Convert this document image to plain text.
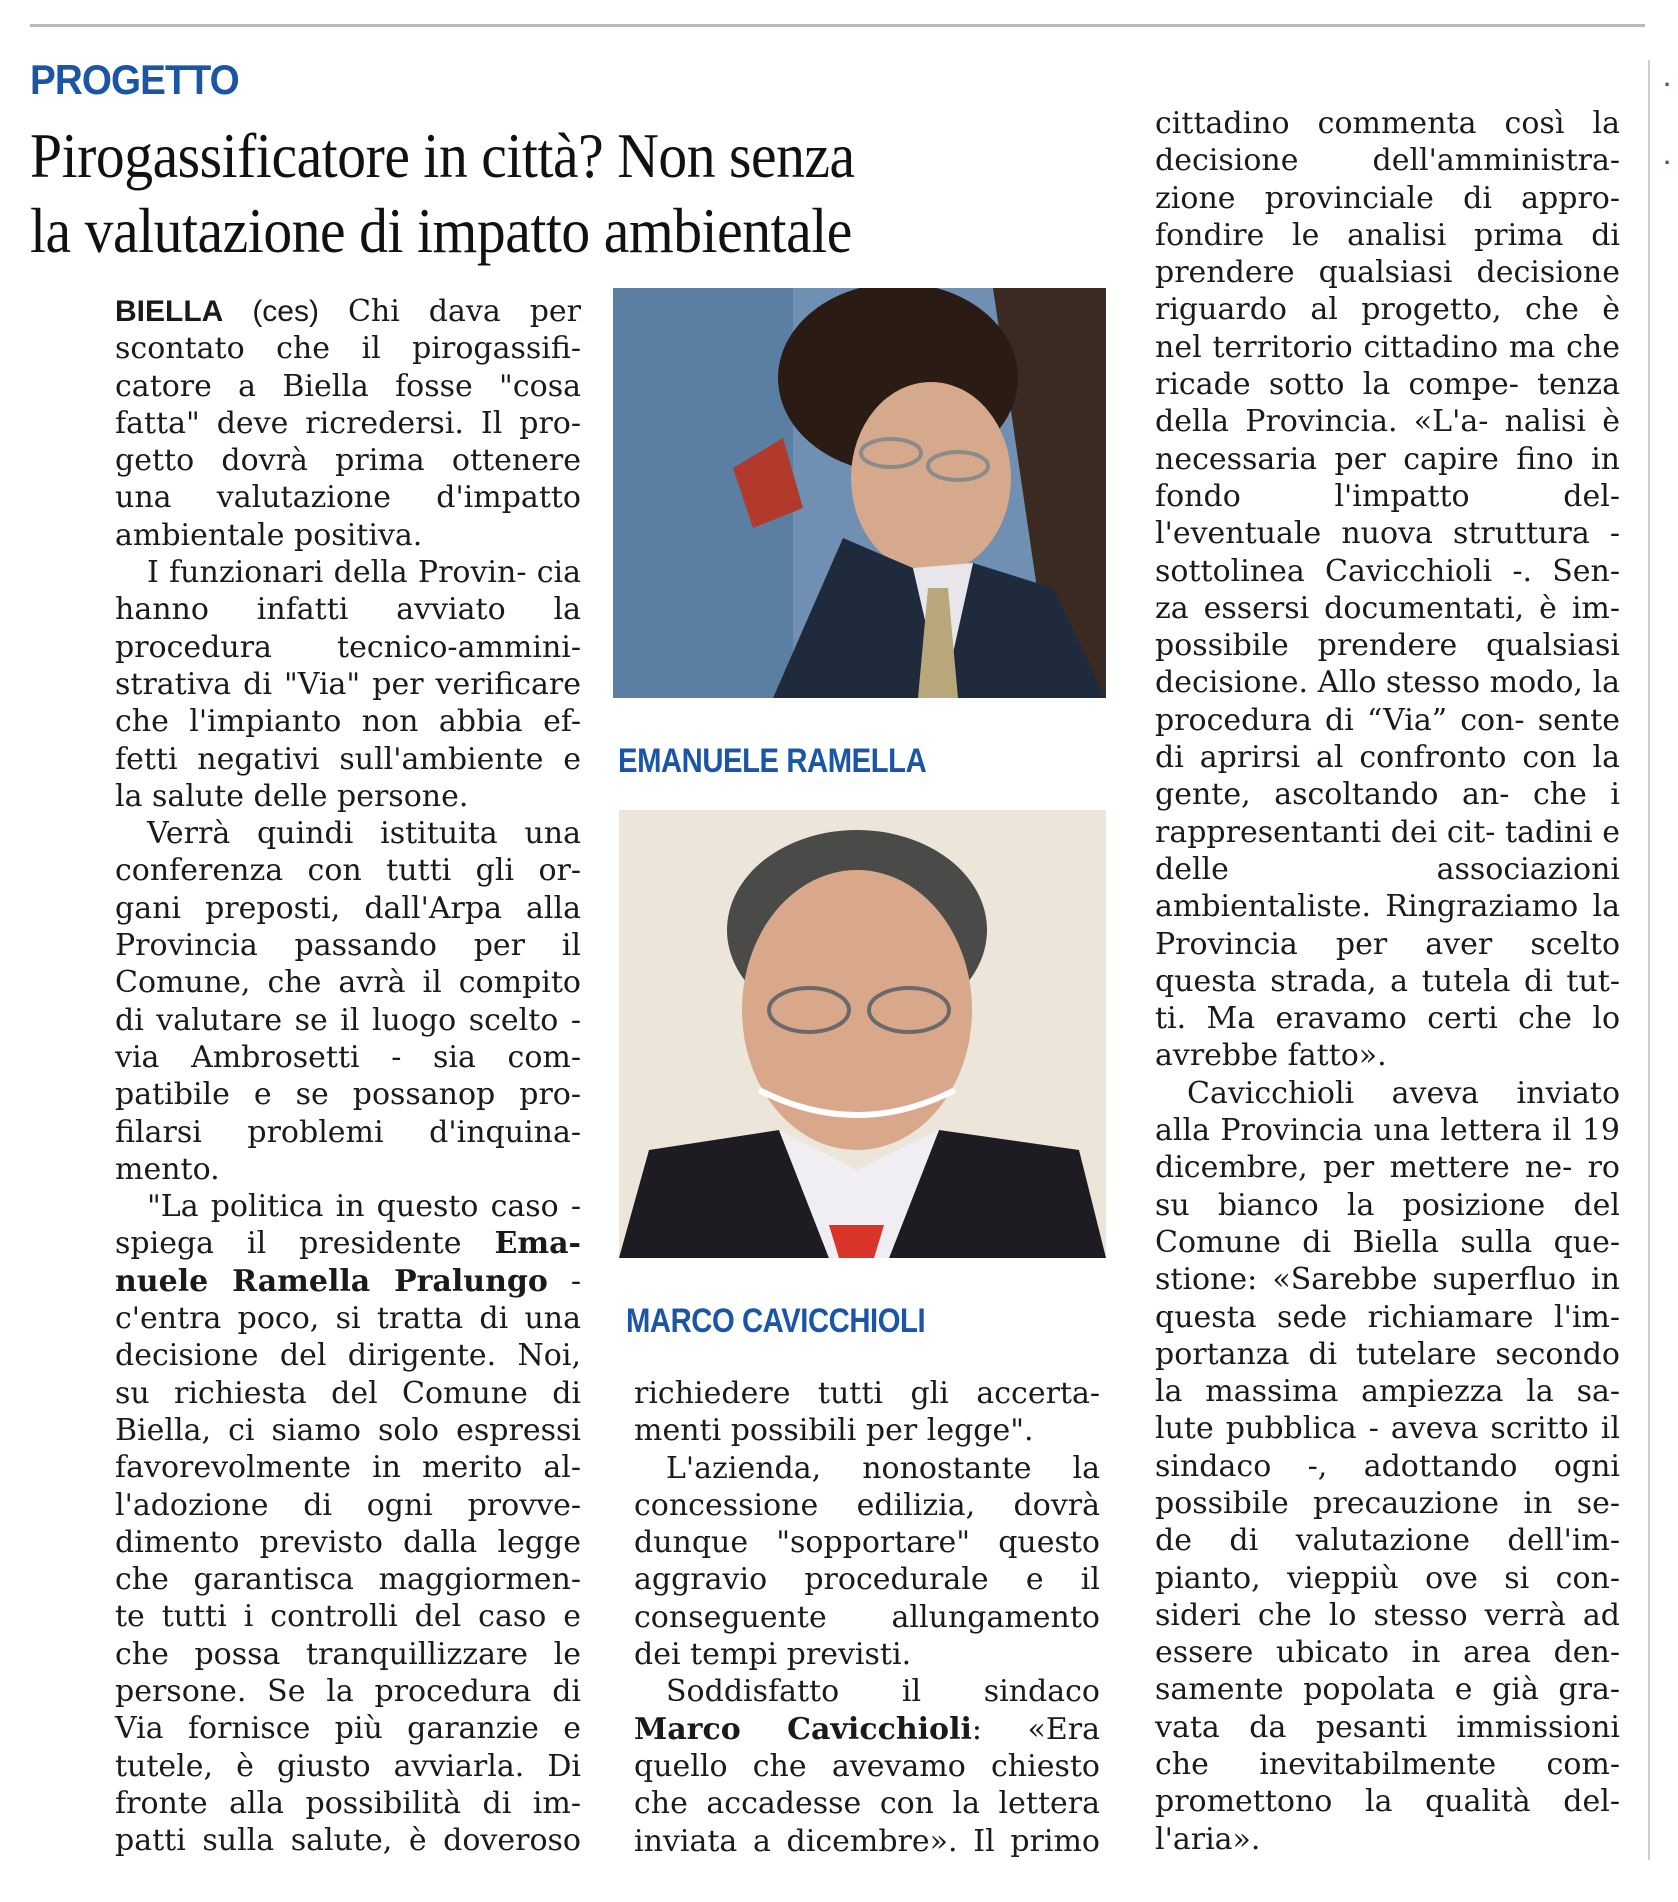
·
·
PROGETTO
Pirogassificatore in città? Non senza
la valutazione di impatto ambientale

BIELLA (ces) Chi dava per
scontato che il pirogassifi-
catore a Biella fosse "cosa
fatta" deve ricredersi. Il pro-
getto dovrà prima ottenere
una valutazione d'impatto

ambientale positiva.

I funzionari della Provin- cia hanno infatti avviato la procedura tecnico-ammini- strativa di "Via" per verificare che l'impianto non abbia ef- fetti negativi sull'ambiente e

la salute delle persone.

Verrà quindi istituita una conferenza con tutti gli or- gani preposti, dall'Arpa alla Provincia passando per il Comune, che avrà il compito di valutare se il luogo scelto - via Ambrosetti - sia com- patibile e se possanop pro- filarsi problemi d'inquina-

mento.

"La politica in questo caso - spiega il presidente Ema- nuele Ramella Pralungo - c'entra poco, si tratta di una decisione del dirigente. Noi, su richiesta del Comune di Biella, ci siamo solo espressi favorevolmente in merito al- l'adozione di ogni provve- dimento previsto dalla legge che garantisca maggiormen- te tutti i controlli del caso e che possa tranquillizzare le persone. Se la procedura di Via fornisce più garanzie e tutele, è giusto avviarla. Di fronte alla possibilità di im- patti sulla salute, è doveroso

EMANUELE RAMELLA
MARCO CAVICCHIOLI

richiedere tutti gli accerta-

menti possibili per legge".

L'azienda, nonostante la concessione edilizia, dovrà dunque "sopportare" questo aggravio procedurale e il conseguente allungamento

dei tempi previsti.

Soddisfatto il sindaco Marco Cavicchioli: «Era quello che avevamo chiesto che accadesse con la lettera inviata a dicembre». Il primo

cittadino commenta così la decisione dell'amministra- zione provinciale di appro- fondire le analisi prima di prendere qualsiasi decisione riguardo al progetto, che è nel territorio cittadino ma che ricade sotto la compe- tenza della Provincia. «L'a- nalisi è necessaria per capire fino in fondo l'impatto del- l'eventuale nuova struttura - sottolinea Cavicchioli -. Sen- za essersi documentati, è im- possibile prendere qualsiasi decisione. Allo stesso modo, la procedura di “Via” con- sente di aprirsi al confronto con la gente, ascoltando an- che i rappresentanti dei cit- tadini e delle associazioni ambientaliste. Ringraziamo la Provincia per aver scelto questa strada, a tutela di tut- ti. Ma eravamo certi che lo

avrebbe fatto».

Cavicchioli aveva inviato alla Provincia una lettera il 19 dicembre, per mettere ne- ro su bianco la posizione del Comune di Biella sulla que- stione: «Sarebbe superfluo in questa sede richiamare l'im- portanza di tutelare secondo la massima ampiezza la sa- lute pubblica - aveva scritto il sindaco -, adottando ogni possibile precauzione in se- de di valutazione dell'im- pianto, vieppiù ove si con- sideri che lo stesso verrà ad essere ubicato in area den- samente popolata e già gra- vata da pesanti immissioni che inevitabilmente com- promettono la qualità del-

l'aria».
